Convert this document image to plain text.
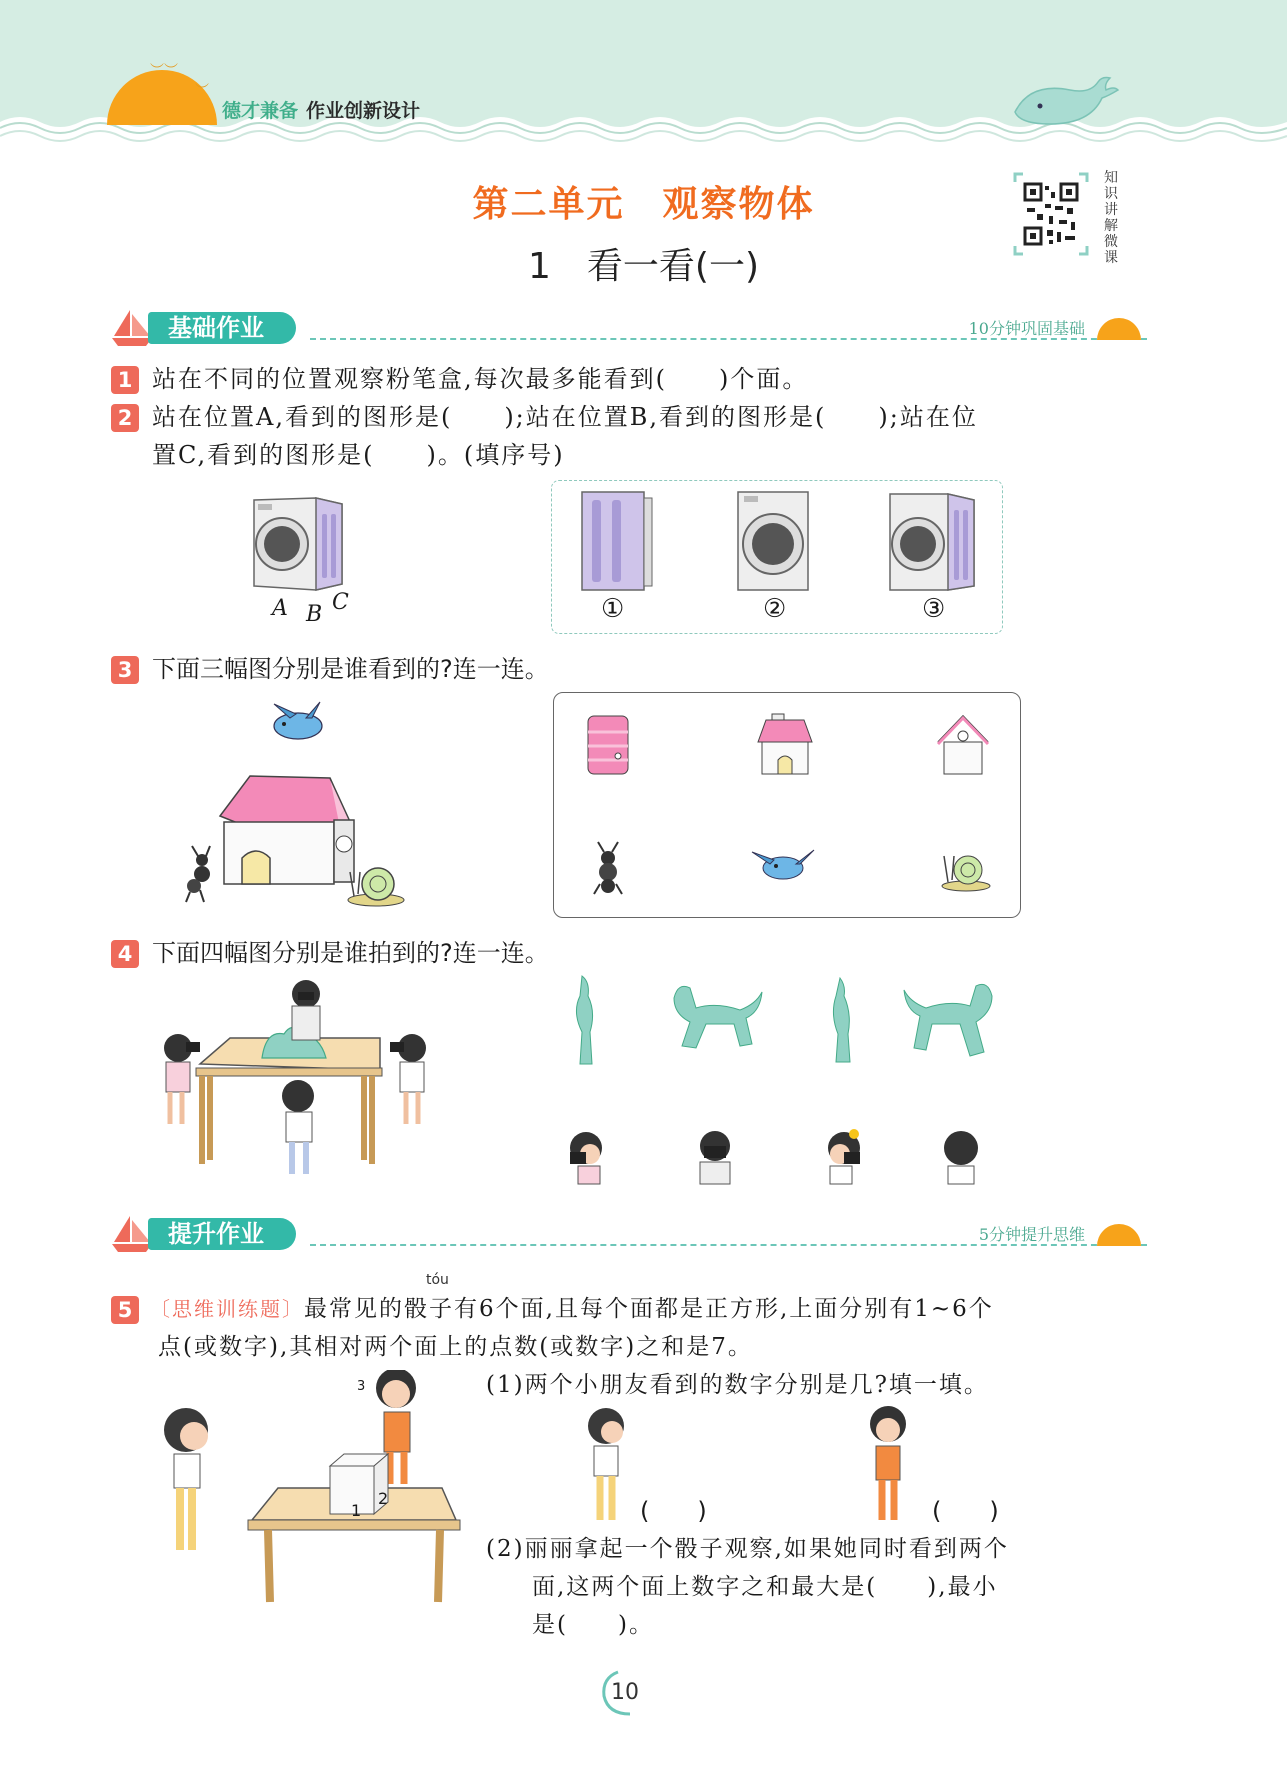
︶︶
︶
德才兼备 作业创新设计
第二单元　观察物体
1　看一看(一)
知识讲解微课
基础作业	10分钟巩固基础
1 站在不同的位置观察粉笔盒,每次最多能看到(　　)个面。
2 站在位置A,看到的图形是(　　);站在位置B,看到的图形是(　　);站在位
置C,看到的图形是(　　)。(填序号)
A B C	①	②	③
3 下面三幅图分别是谁看到的?连一连。
4 下面四幅图分别是谁拍到的?连一连。
提升作业	5分钟提升思维
tóu
5 〔思维训练题〕最常见的骰子有6个面,且每个面都是正方形,上面分别有1~6个
点(或数字),其相对两个面上的点数(或数字)之和是7。
(1)两个小朋友看到的数字分别是几?填一填。
3
1
2	(　　)	(　　)
(2)丽丽拿起一个骰子观察,如果她同时看到两个
面,这两个面上数字之和最大是(　　),最小
是(　　)。
10
